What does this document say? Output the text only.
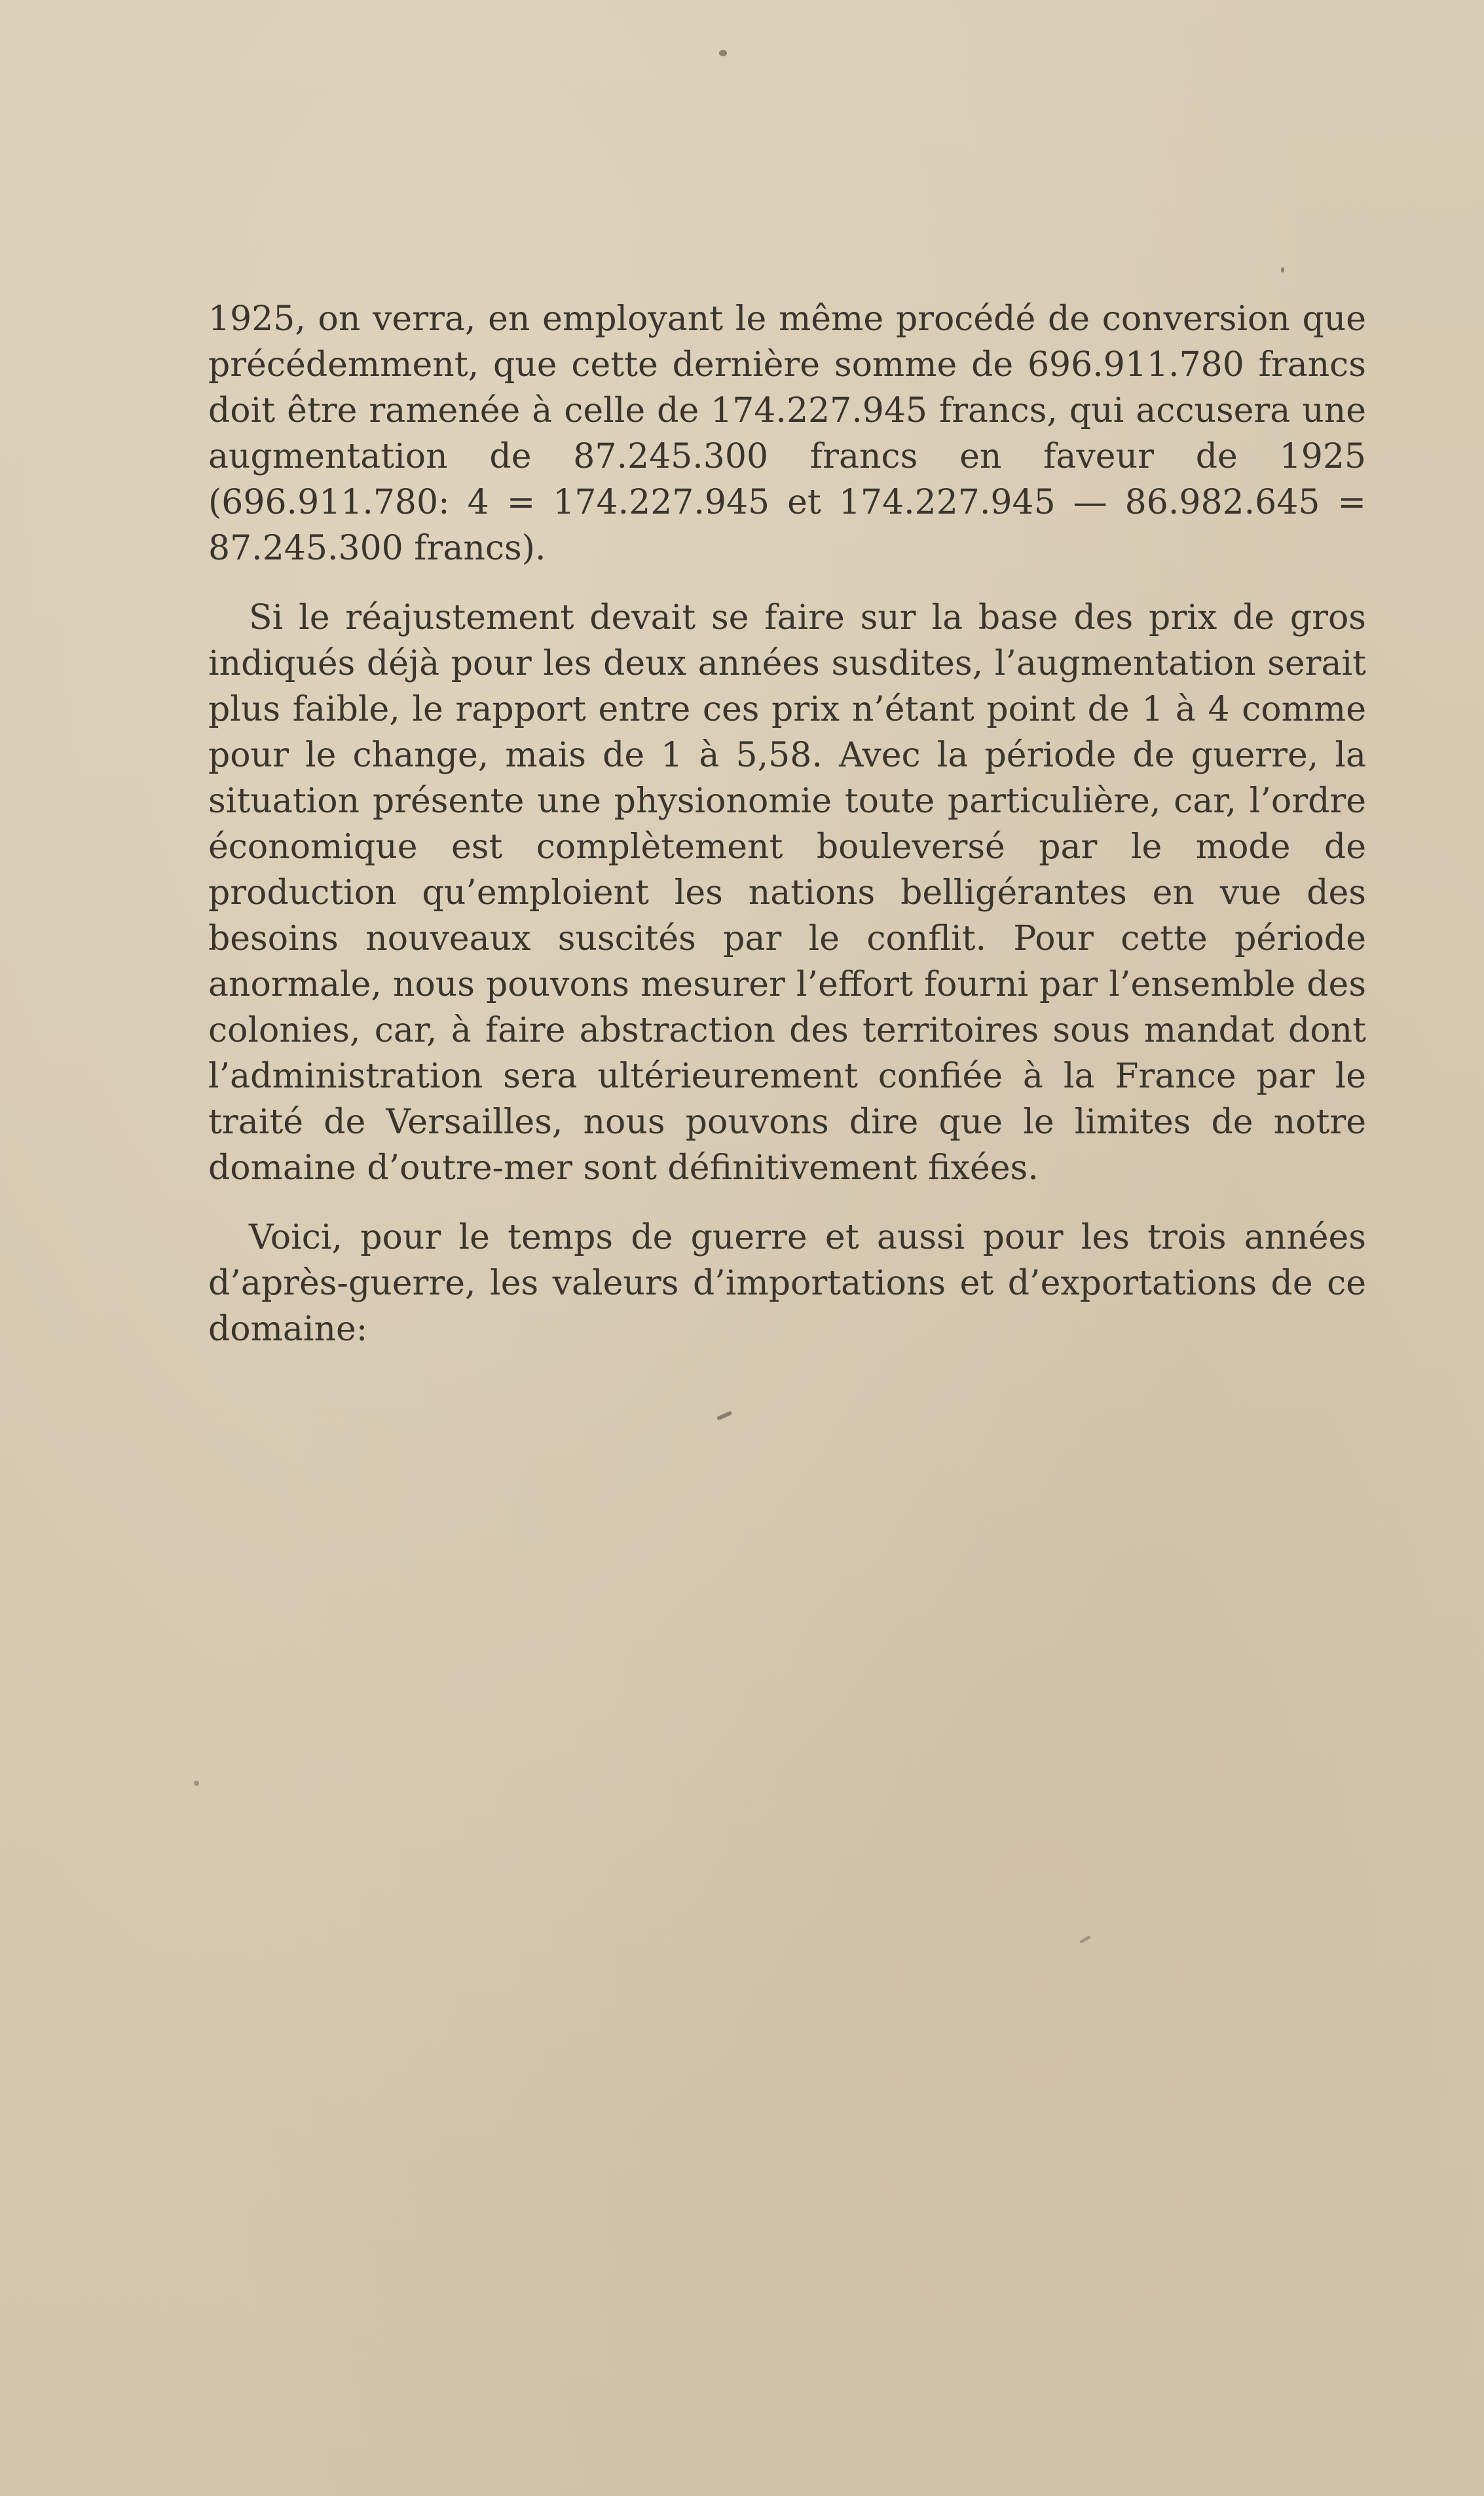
1925, on verra, en employant le même procédé de conversion que précédemment, que cette dernière somme de 696.911.780 francs doit être ramenée à celle de 174.227.945 francs, qui accusera une augmentation de 87.245.300 francs en faveur de 1925 (696.911.780: 4 = 174.227.945 et 174.227.945 — 86.982.645 = 87.245.300 francs).

Si le réajustement devait se faire sur la base des prix de gros indiqués déjà pour les deux années susdites, l’augmentation serait plus faible, le rapport entre ces prix n’étant point de 1 à 4 comme pour le change, mais de 1 à 5,58. Avec la période de guerre, la situation présente une physionomie toute particulière, car, l’ordre économique est complètement bouleversé par le mode de production qu’emploient les nations belligérantes en vue des besoins nouveaux suscités par le conflit. Pour cette période anormale, nous pouvons mesurer l’effort fourni par l’ensemble des colonies, car, à faire abstraction des territoires sous mandat dont l’administration sera ultérieurement confiée à la France par le traité de Versailles, nous pouvons dire que le limites de notre domaine d’outre-mer sont définitivement fixées.

Voici, pour le temps de guerre et aussi pour les trois années d’après-guerre, les valeurs d’importations et d’exportations de ce domaine:
